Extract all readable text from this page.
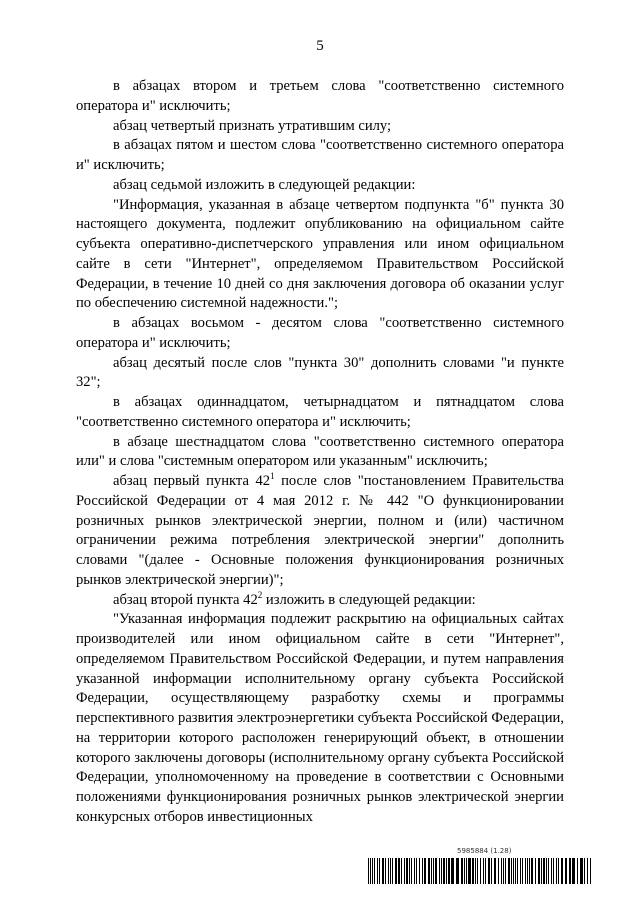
5

в абзацах втором и третьем слова "соответственно системного оператора и" исключить;

абзац четвертый признать утратившим силу;

в абзацах пятом и шестом слова "соответственно системного оператора и" исключить;

абзац седьмой изложить в следующей редакции:

"Информация, указанная в абзаце четвертом подпункта "б" пункта 30 настоящего документа, подлежит опубликованию на официальном сайте субъекта оперативно-диспетчерского управления или ином официальном сайте в сети "Интернет", определяемом Правительством Российской Федерации, в течение 10 дней со дня заключения договора об оказании услуг по обеспечению системной надежности.";

в абзацах восьмом - десятом слова "соответственно системного оператора и" исключить;

абзац десятый после слов "пункта 30" дополнить словами "и пункте 32";

в абзацах одиннадцатом, четырнадцатом и пятнадцатом слова "соответственно системного оператора и" исключить;

в абзаце шестнадцатом слова "соответственно системного оператора или" и слова "системным оператором или указанным" исключить;

абзац первый пункта $42^1$ после слов "постановлением Правительства Российской Федерации от 4 мая 2012 г. № 442 "О функционировании розничных рынков электрической энергии, полном и (или) частичном ограничении режима потребления электрической энергии" дополнить словами "(далее - Основные положения функционирования розничных рынков электрической энергии)";

абзац второй пункта $42^2$ изложить в следующей редакции:

"Указанная информация подлежит раскрытию на официальных сайтах производителей или ином официальном сайте в сети "Интернет", определяемом Правительством Российской Федерации, и путем направления указанной информации исполнительному органу субъекта Российской Федерации, осуществляющему разработку схемы и программы перспективного развития электроэнергетики субъекта Российской Федерации, на территории которого расположен генерирующий объект, в отношении которого заключены договоры (исполнительному органу субъекта Российской Федерации, уполномоченному на проведение в соответствии с Основными положениями функционирования розничных рынков электрической энергии конкурсных отборов инвестиционных

5985884 (1.28)
